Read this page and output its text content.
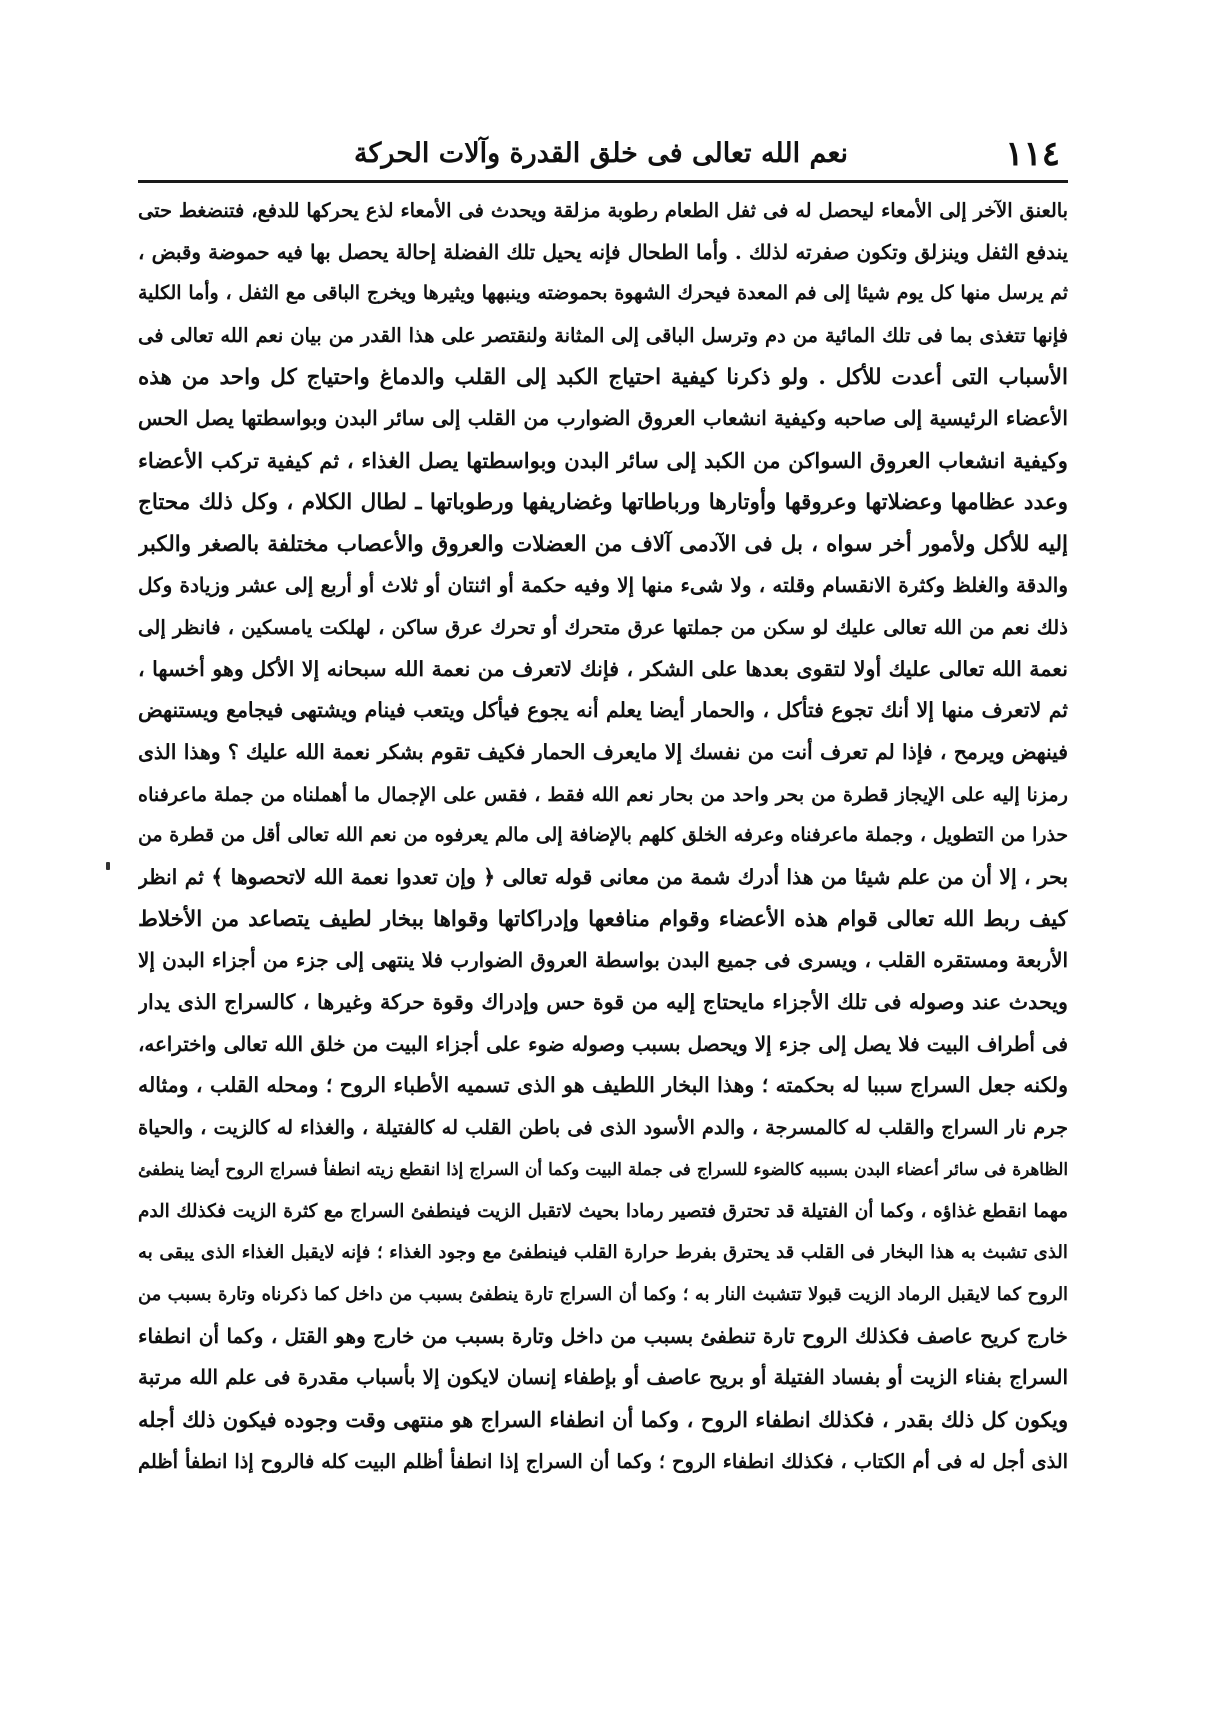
١١٤
نعم الله تعالى فى خلق القدرة وآلات الحركة
بالعنق الآخر إلى الأمعاء ليحصل له فى ثفل الطعام رطوبة مزلقة ويحدث فى الأمعاء لذع يحركها للدفع، فتنضغط حتى
يندفع الثفل وينزلق وتكون صفرته لذلك . وأما الطحال فإنه يحيل تلك الفضلة إحالة يحصل بها فيه حموضة وقبض ،
ثم يرسل منها كل يوم شيئا إلى فم المعدة فيحرك الشهوة بحموضته وينبهها ويثيرها ويخرج الباقى مع الثفل ، وأما الكلية
فإنها تتغذى بما فى تلك المائية من دم وترسل الباقى إلى المثانة ولنقتصر على هذا القدر من بيان نعم الله تعالى فى
الأسباب التى أعدت للأكل . ولو ذكرنا كيفية احتياج الكبد إلى القلب والدماغ واحتياج كل واحد من هذه
الأعضاء الرئيسية إلى صاحبه وكيفية انشعاب العروق الضوارب من القلب إلى سائر البدن وبواسطتها يصل الحس
وكيفية انشعاب العروق السواكن من الكبد إلى سائر البدن وبواسطتها يصل الغذاء ، ثم كيفية تركب الأعضاء
وعدد عظامها وعضلاتها وعروقها وأوتارها ورباطاتها وغضاريفها ورطوباتها ـ لطال الكلام ، وكل ذلك محتاج
إليه للأكل ولأمور أخر سواه ، بل فى الآدمى آلاف من العضلات والعروق والأعصاب مختلفة بالصغر والكبر
والدقة والغلظ وكثرة الانقسام وقلته ، ولا شىء منها إلا وفيه حكمة أو اثنتان أو ثلاث أو أربع إلى عشر وزيادة وكل
ذلك نعم من الله تعالى عليك لو سكن من جملتها عرق متحرك أو تحرك عرق ساكن ، لهلكت يامسكين ، فانظر إلى
نعمة الله تعالى عليك أولا لتقوى بعدها على الشكر ، فإنك لاتعرف من نعمة الله سبحانه إلا الأكل وهو أخسها ،
ثم لاتعرف منها إلا أنك تجوع فتأكل ، والحمار أيضا يعلم أنه يجوع فيأكل ويتعب فينام ويشتهى فيجامع ويستنهض
فينهض ويرمح ، فإذا لم تعرف أنت من نفسك إلا مايعرف الحمار فكيف تقوم بشكر نعمة الله عليك ؟ وهذا الذى
رمزنا إليه على الإيجاز قطرة من بحر واحد من بحار نعم الله فقط ، فقس على الإجمال ما أهملناه من جملة ماعرفناه
حذرا من التطويل ، وجملة ماعرفناه وعرفه الخلق كلهم بالإضافة إلى مالم يعرفوه من نعم الله تعالى أقل من قطرة من
بحر ، إلا أن من علم شيئا من هذا أدرك شمة من معانى قوله تعالى ﴿ وإن تعدوا نعمة الله لاتحصوها ﴾ ثم انظر
كيف ربط الله تعالى قوام هذه الأعضاء وقوام منافعها وإدراكاتها وقواها ببخار لطيف يتصاعد من الأخلاط
الأربعة ومستقره القلب ، ويسرى فى جميع البدن بواسطة العروق الضوارب فلا ينتهى إلى جزء من أجزاء البدن إلا
ويحدث عند وصوله فى تلك الأجزاء مايحتاج إليه من قوة حس وإدراك وقوة حركة وغيرها ، كالسراج الذى يدار
فى أطراف البيت فلا يصل إلى جزء إلا ويحصل بسبب وصوله ضوء على أجزاء البيت من خلق الله تعالى واختراعه،
ولكنه جعل السراج سببا له بحكمته ؛ وهذا البخار اللطيف هو الذى تسميه الأطباء الروح ؛ ومحله القلب ، ومثاله
جرم نار السراج والقلب له كالمسرجة ، والدم الأسود الذى فى باطن القلب له كالفتيلة ، والغذاء له كالزيت ، والحياة
الظاهرة فى سائر أعضاء البدن بسببه كالضوء للسراج فى جملة البيت وكما أن السراج إذا انقطع زيته انطفأ فسراج الروح أيضا ينطفئ
مهما انقطع غذاؤه ، وكما أن الفتيلة قد تحترق فتصير رمادا بحيث لاتقبل الزيت فينطفئ السراج مع كثرة الزيت فكذلك الدم
الذى تشبث به هذا البخار فى القلب قد يحترق بفرط حرارة القلب فينطفئ مع وجود الغذاء ؛ فإنه لايقبل الغذاء الذى يبقى به
الروح كما لايقبل الرماد الزيت قبولا تتشبث النار به ؛ وكما أن السراج تارة ينطفئ بسبب من داخل كما ذكرناه وتارة بسبب من
خارج كريح عاصف فكذلك الروح تارة تنطفئ بسبب من داخل وتارة بسبب من خارج وهو القتل ، وكما أن انطفاء
السراج بفناء الزيت أو بفساد الفتيلة أو بريح عاصف أو بإطفاء إنسان لايكون إلا بأسباب مقدرة فى علم الله مرتبة
ويكون كل ذلك بقدر ، فكذلك انطفاء الروح ، وكما أن انطفاء السراج هو منتهى وقت وجوده فيكون ذلك أجله
الذى أجل له فى أم الكتاب ، فكذلك انطفاء الروح ؛ وكما أن السراج إذا انطفأ أظلم البيت كله فالروح إذا انطفأ أظلم
